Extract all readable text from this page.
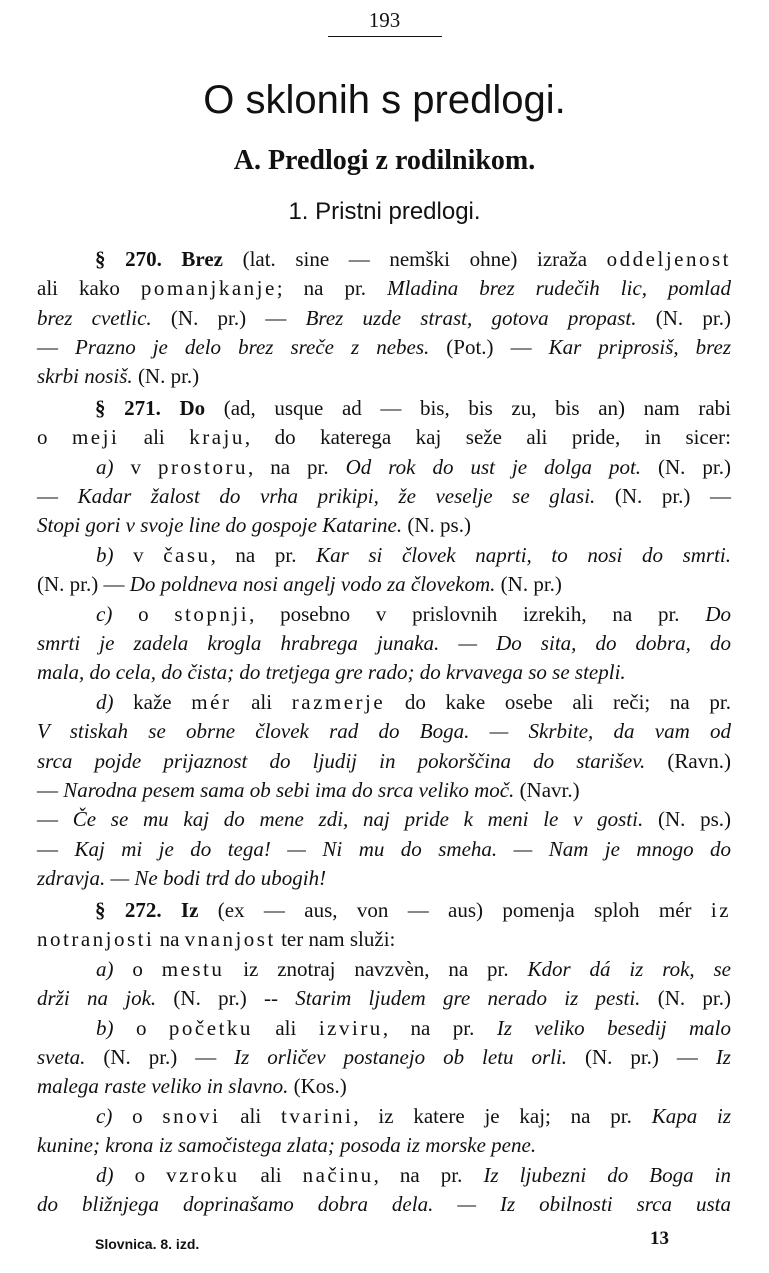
193
O sklonih s predlogi.
A. Predlogi z rodilnikom.
1. Pristni predlogi.
§ 270. Brez (lat. sine — nemški ohne) izraža oddeljenost
ali kako pomanjkanje; na pr. Mladina brez rudečih lic, pomlad
brez cvetlic. (N. pr.) — Brez uzde strast, gotova propast. (N. pr.)
— Prazno je delo brez sreče z nebes. (Pot.) — Kar priprosiš, brez
skrbi nosiš. (N. pr.)
§ 271. Do (ad, usque ad — bis, bis zu, bis an) nam rabi
o meji ali kraju, do katerega kaj seže ali pride, in sicer:
a) v prostoru, na pr. Od rok do ust je dolga pot. (N. pr.)
— Kadar žalost do vrha prikipi, že veselje se glasi. (N. pr.) —
Stopi gori v svoje line do gospoje Katarine. (N. ps.)
b) v času, na pr. Kar si človek naprti, to nosi do smrti.
(N. pr.) — Do poldneva nosi angelj vodo za človekom. (N. pr.)
c) o stopnji, posebno v prislovnih izrekih, na pr. Do
smrti je zadela krogla hrabrega junaka. — Do sita, do dobra, do
mala, do cela, do čista; do tretjega gre rado; do krvavega so se stepli.
d) kaže mér ali razmerje do kake osebe ali reči; na pr.
V stiskah se obrne človek rad do Boga. — Skrbite, da vam od
srca pojde prijaznost do ljudij in pokorščina do starišev. (Ravn.)
— Narodna pesem sama ob sebi ima do srca veliko moč. (Navr.)
— Če se mu kaj do mene zdi, naj pride k meni le v gosti. (N. ps.)
— Kaj mi je do tega! — Ni mu do smeha. — Nam je mnogo do
zdravja. — Ne bodi trd do ubogih!
§ 272. Iz (ex — aus, von — aus) pomenja sploh mér iz
notranjosti na vnanjost ter nam služi:
a) o mestu iz znotraj navzvèn, na pr. Kdor dá iz rok, se
drži na jok. (N. pr.) -- Starim ljudem gre nerado iz pesti. (N. pr.)
b) o početku ali izviru, na pr. Iz veliko besedij malo
sveta. (N. pr.) — Iz orličev postanejo ob letu orli. (N. pr.) — Iz
malega raste veliko in slavno. (Kos.)
c) o snovi ali tvarini, iz katere je kaj; na pr. Kapa iz
kunine; krona iz samočistega zlata; posoda iz morske pene.
d) o vzroku ali načinu, na pr. Iz ljubezni do Boga in
do bližnjega doprinašamo dobra dela. — Iz obilnosti srca usta
Slovnica. 8. izd.	13
